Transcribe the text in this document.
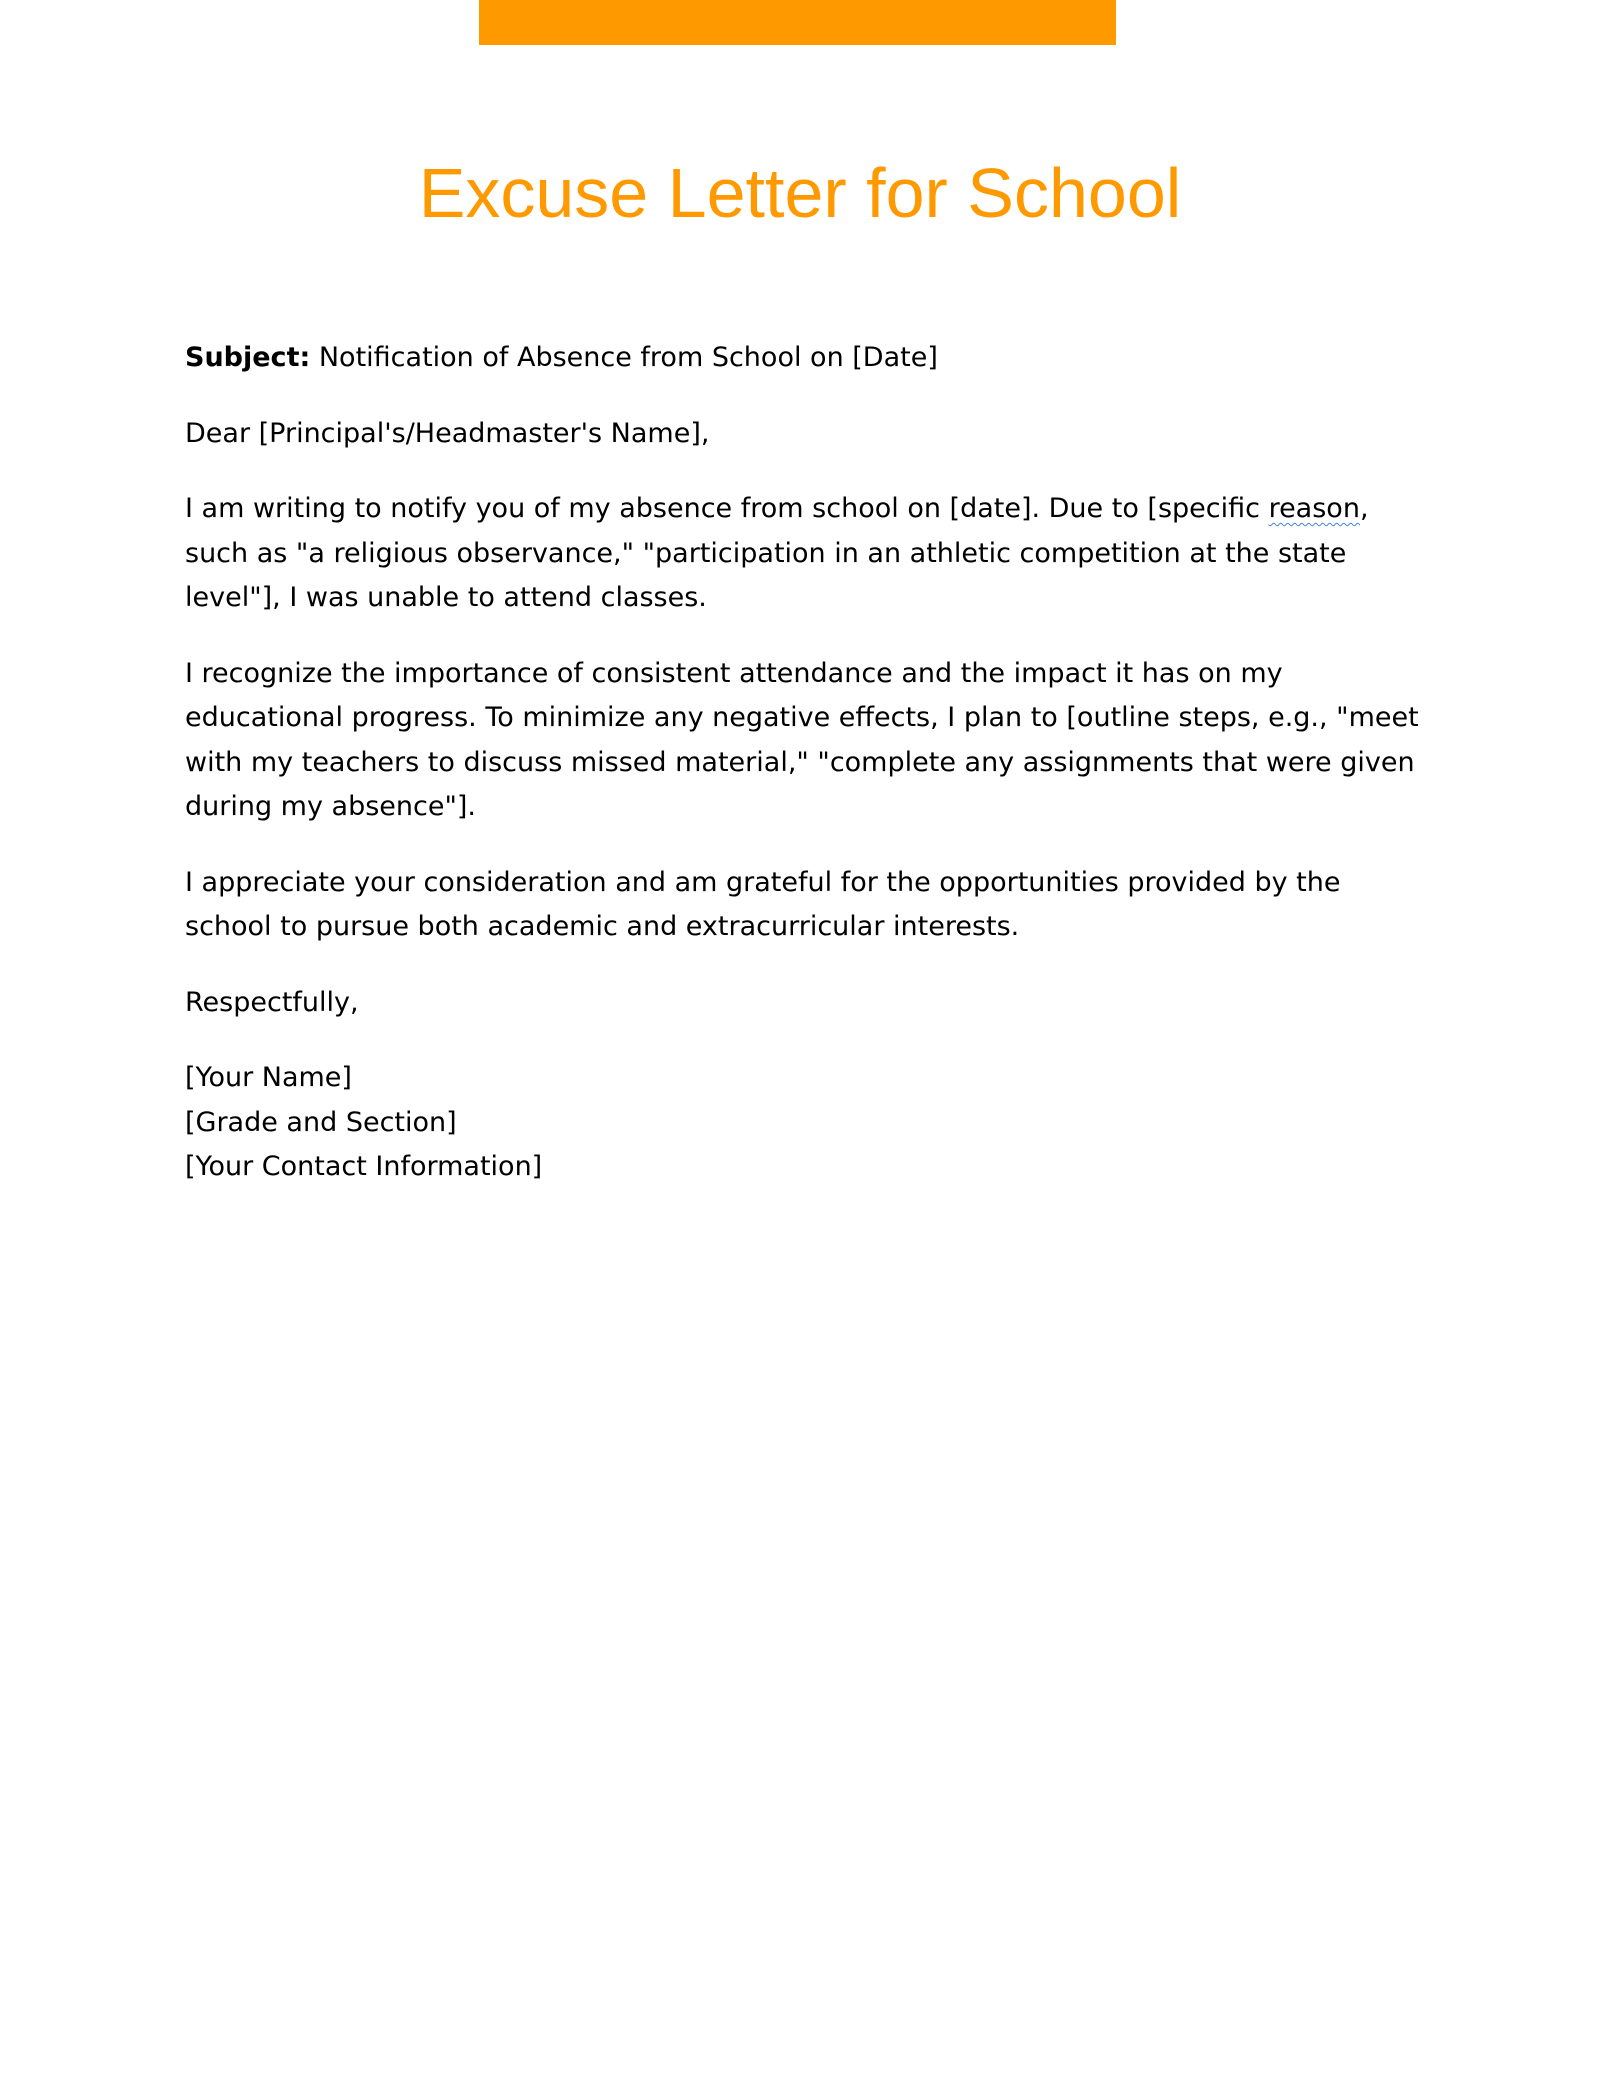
Excuse Letter for School

Subject: Notification of Absence from School on [Date]

Dear [Principal's/Headmaster's Name],

I am writing to notify you of my absence from school on [date]. Due to [specific reason, such as "a religious observance," "participation in an athletic competition at the state level"], I was unable to attend classes.

I recognize the importance of consistent attendance and the impact it has on my educational progress. To minimize any negative effects, I plan to [outline steps, e.g., "meet with my teachers to discuss missed material," "complete any assignments that were given during my absence"].

I appreciate your consideration and am grateful for the opportunities provided by the school to pursue both academic and extracurricular interests.

Respectfully,

[Your Name]
[Grade and Section]
[Your Contact Information]
